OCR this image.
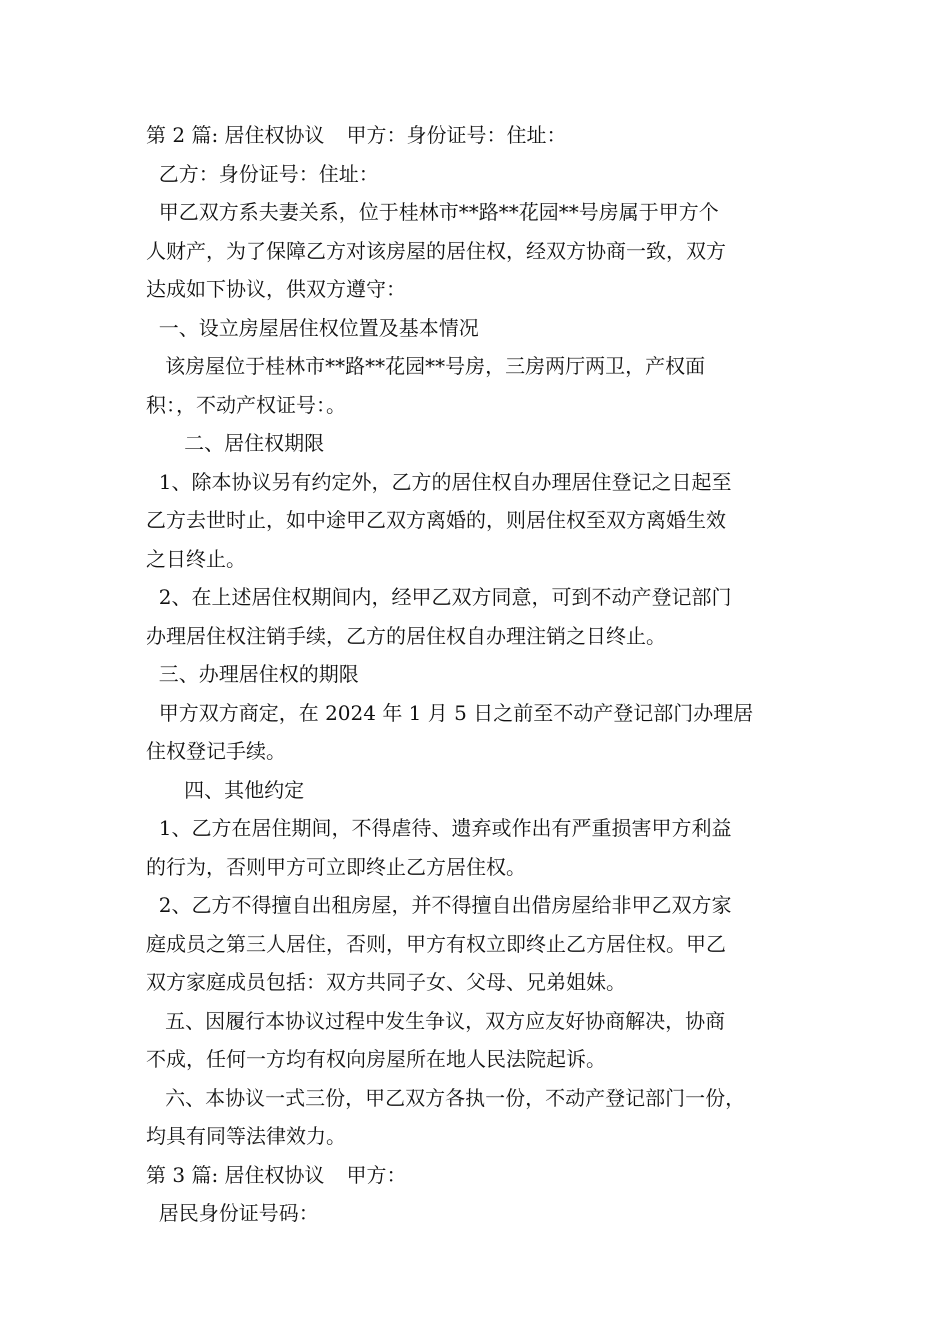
第 2 篇: 居住权协议 甲方：身份证号：住址：
乙方：身份证号：住址：
甲乙双方系夫妻关系，位于桂林市**路**花园**号房属于甲方个
人财产，为了保障乙方对该房屋的居住权，经双方协商一致，双方
达成如下协议，供双方遵守：
一、设立房屋居住权位置及基本情况
该房屋位于桂林市**路**花园**号房，三房两厅两卫，产权面
积：，不动产权证号：。
二、居住权期限
1、除本协议另有约定外，乙方的居住权自办理居住登记之日起至
乙方去世时止，如中途甲乙双方离婚的，则居住权至双方离婚生效
之日终止。
2、在上述居住权期间内，经甲乙双方同意，可到不动产登记部门
办理居住权注销手续，乙方的居住权自办理注销之日终止。
三、办理居住权的期限
甲方双方商定，在 2024 年 1 月 5 日之前至不动产登记部门办理居
住权登记手续。
四、其他约定
1、乙方在居住期间，不得虐待、遗弃或作出有严重损害甲方利益
的行为，否则甲方可立即终止乙方居住权。
2、乙方不得擅自出租房屋，并不得擅自出借房屋给非甲乙双方家
庭成员之第三人居住，否则，甲方有权立即终止乙方居住权。甲乙
双方家庭成员包括：双方共同子女、父母、兄弟姐妹。
五、因履行本协议过程中发生争议，双方应友好协商解决，协商
不成，任何一方均有权向房屋所在地人民法院起诉。
六、本协议一式三份，甲乙双方各执一份，不动产登记部门一份，
均具有同等法律效力。
第 3 篇: 居住权协议 甲方：
居民身份证号码：
